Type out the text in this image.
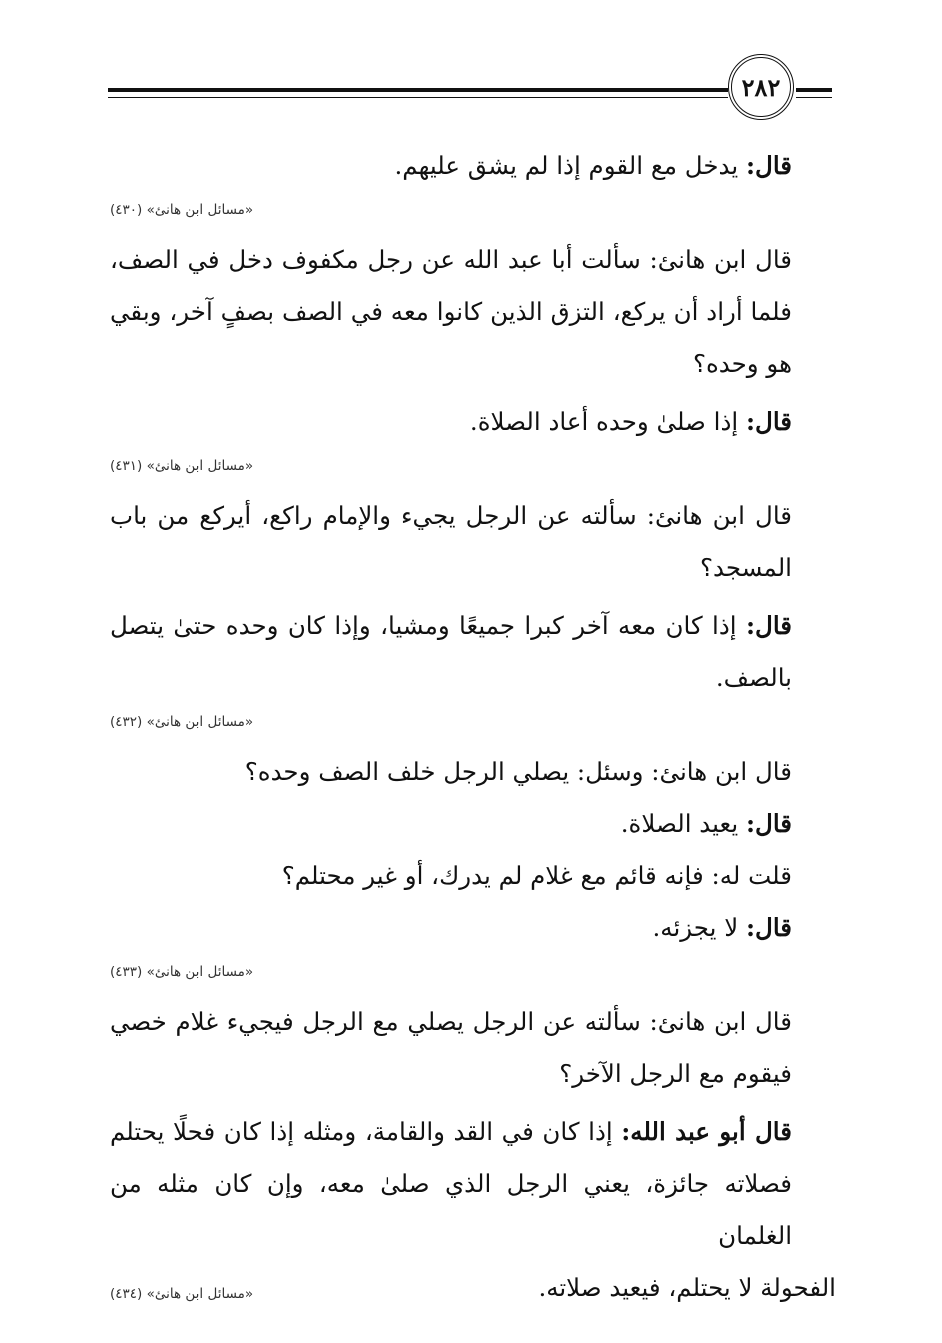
٢٨٢

قال: يدخل مع القوم إذا لم يشق عليهم.

«مسائل ابن هانئ» (٤٣٠)

قال ابن هانئ: سألت أبا عبد الله عن رجل مكفوف دخل في الصف، فلما أراد أن يركع، التزق الذين كانوا معه في الصف بصفٍ آخر، وبقي هو وحده؟

قال: إذا صلىٰ وحده أعاد الصلاة.

«مسائل ابن هانئ» (٤٣١)

قال ابن هانئ: سألته عن الرجل يجيء والإمام راكع، أيركع من باب المسجد؟

قال: إذا كان معه آخر كبرا جميعًا ومشيا، وإذا كان وحده حتىٰ يتصل بالصف.

«مسائل ابن هانئ» (٤٣٢)

قال ابن هانئ: وسئل: يصلي الرجل خلف الصف وحده؟

قال: يعيد الصلاة.

قلت له: فإنه قائم مع غلام لم يدرك، أو غير محتلم؟

قال: لا يجزئه.

«مسائل ابن هانئ» (٤٣٣)

قال ابن هانئ: سألته عن الرجل يصلي مع الرجل فيجيء غلام خصي فيقوم مع الرجل الآخر؟

قال أبو عبد الله: إذا كان في القد والقامة، ومثله إذا كان فحلًا يحتلم فصلاته جائزة، يعني الرجل الذي صلىٰ معه، وإن كان مثله من الغلمان

الفحولة لا يحتلم، فيعيد صلاته.
«مسائل ابن هانئ» (٤٣٤)
